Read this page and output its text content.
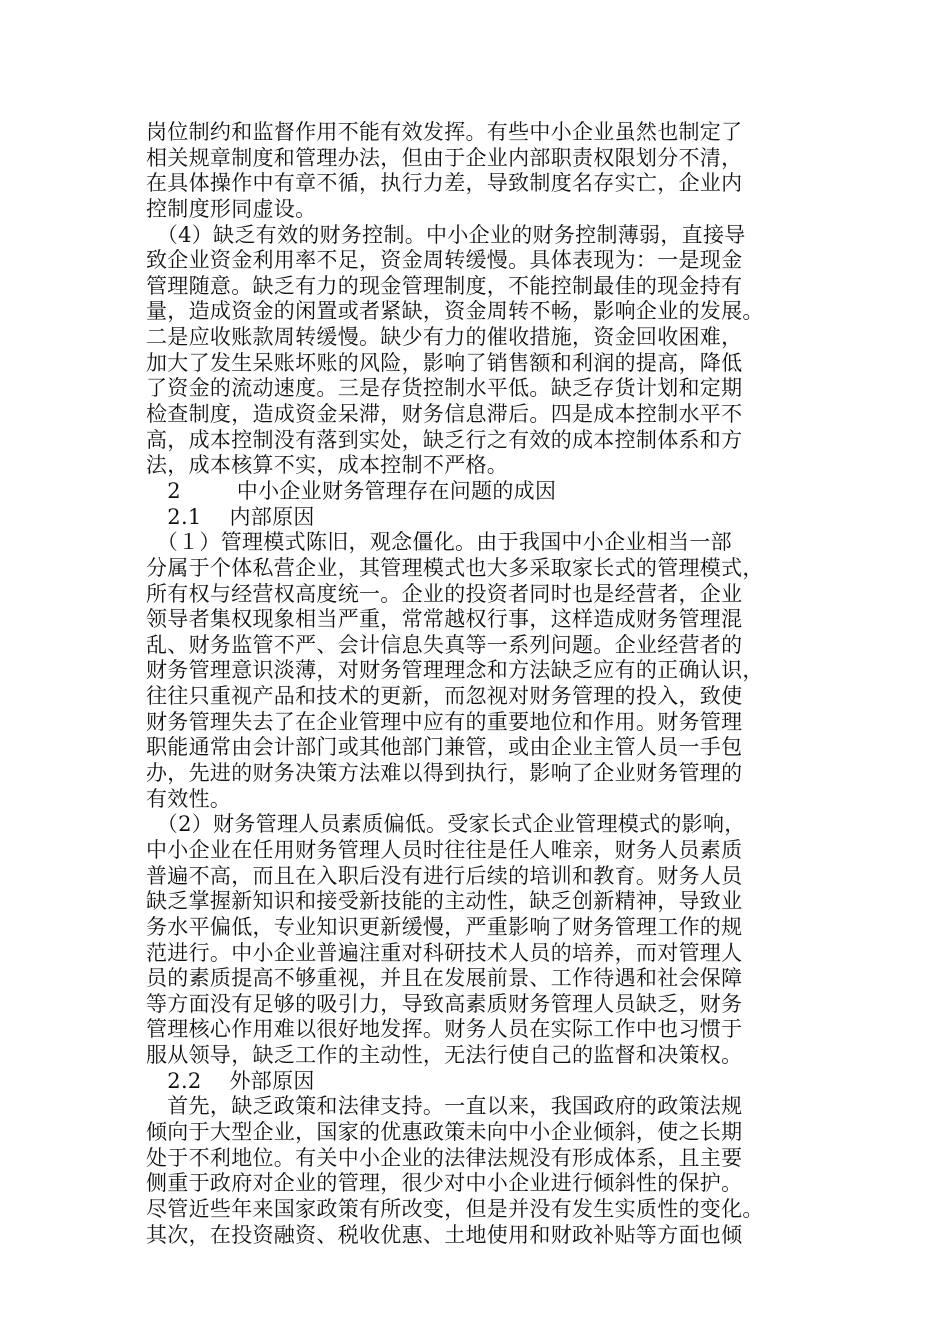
岗位制约和监督作用不能有效发挥。有些中小企业虽然也制定了
相关规章制度和管理办法，但由于企业内部职责权限划分不清，
在具体操作中有章不循，执行力差，导致制度名存实亡，企业内
控制度形同虚设。
　（4）缺乏有效的财务控制。中小企业的财务控制薄弱，直接导
致企业资金利用率不足，资金周转缓慢。具体表现为：一是现金
管理随意。缺乏有力的现金管理制度，不能控制最佳的现金持有
量，造成资金的闲置或者紧缺，资金周转不畅，影响企业的发展。
二是应收账款周转缓慢。缺少有力的催收措施，资金回收困难，
加大了发生呆账坏账的风险，影响了销售额和利润的提高，降低
了资金的流动速度。三是存货控制水平低。缺乏存货计划和定期
检查制度，造成资金呆滞，财务信息滞后。四是成本控制水平不
高，成本控制没有落到实处，缺乏行之有效的成本控制体系和方
法，成本核算不实，成本控制不严格。
　2        中小企业财务管理存在问题的成因
　2.1    内部原因
　（１）管理模式陈旧，观念僵化。由于我国中小企业相当一部
分属于个体私营企业，其管理模式也大多采取家长式的管理模式，
所有权与经营权高度统一。企业的投资者同时也是经营者，企业
领导者集权现象相当严重，常常越权行事，这样造成财务管理混
乱、财务监管不严、会计信息失真等一系列问题。企业经营者的
财务管理意识淡薄，对财务管理理念和方法缺乏应有的正确认识，
往往只重视产品和技术的更新，而忽视对财务管理的投入，致使
财务管理失去了在企业管理中应有的重要地位和作用。财务管理
职能通常由会计部门或其他部门兼管，或由企业主管人员一手包
办，先进的财务决策方法难以得到执行，影响了企业财务管理的
有效性。
　（2）财务管理人员素质偏低。受家长式企业管理模式的影响，
中小企业在任用财务管理人员时往往是任人唯亲，财务人员素质
普遍不高，而且在入职后没有进行后续的培训和教育。财务人员
缺乏掌握新知识和接受新技能的主动性，缺乏创新精神，导致业
务水平偏低，专业知识更新缓慢，严重影响了财务管理工作的规
范进行。中小企业普遍注重对科研技术人员的培养，而对管理人
员的素质提高不够重视，并且在发展前景、工作待遇和社会保障
等方面没有足够的吸引力，导致高素质财务管理人员缺乏，财务
管理核心作用难以很好地发挥。财务人员在实际工作中也习惯于
服从领导，缺乏工作的主动性，无法行使自己的监督和决策权。
　2.2    外部原因
　首先，缺乏政策和法律支持。一直以来，我国政府的政策法规
倾向于大型企业，国家的优惠政策未向中小企业倾斜，使之长期
处于不利地位。有关中小企业的法律法规没有形成体系，且主要
侧重于政府对企业的管理，很少对中小企业进行倾斜性的保护。
尽管近些年来国家政策有所改变，但是并没有发生实质性的变化。
其次，在投资融资、税收优惠、土地使用和财政补贴等方面也倾
